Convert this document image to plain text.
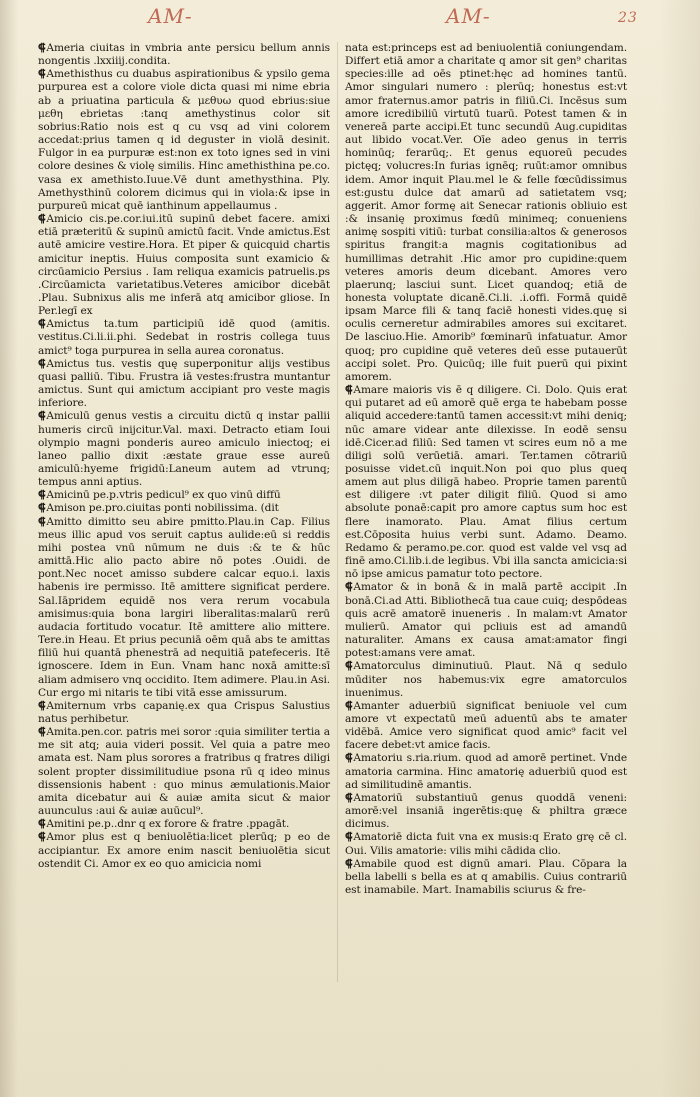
AM-	AM-	23

⸿Ameria ciuitas in vmbria ante persicu bellum annis nongentis .lxxiiij.condita.

⸿Amethisthus cu duabus aspirationibus & ypsilo gema purpurea est a colore viole dicta quasi mi nime ebria ab a priuatina particula & μεθυω quod ebrius:siue μεθη ebrietas :tanq amethystinus color sit sobrius:Ratio nois est q cu vsq ad vini colorem accedat:prius tamen q id deguster in violā desinit. Fulgor in ea purpuræ est:non ex toto ignes sed in vini colore desines & violę similis. Hinc amethisthina pe.co. vasa ex amethisto.Iuue.Vē dunt amethysthina. Ply. Amethysthinū colorem dicimus qui in viola:& ipse in purpureū micat quē ianthinum appellaumus .

⸿Amicio cis.pe.cor.iui.itū supinū debet facere. amixi etiā præteritū & supinū amictū facit. Vnde amictus.Est autē amicire vestire.Hora. Et piper & quicquid chartis amicitur ineptis. Huius composita sunt examicio & circūamicio Persius . Iam reliqua examicis patruelis.ps .Circūamicta varietatibus.Veteres amicibor dicebāt .Plau. Subnixus alis me inferā atq amicibor gliose. In Per.legī ex

⸿Amictus ta.tum participiū idē quod (amitis. vestitus.Ci.li.ii.phi. Sedebat in rostris collega tuus amict⁹ toga purpurea in sella aurea coronatus.

⸿Amictus tus. vestis quę superponitur alijs vestibus quasi palliū. Tibu. Frustra iā vestes:frustra muntantur amictus. Sunt qui amictum accipiant pro veste magis inferiore.

⸿Amiculū genus vestis a circuitu dictū q instar pallii humeris circū inijcitur.Val. maxi. Detracto etiam Ioui olympio magni ponderis aureo amiculo iniectoq; ei laneo pallio dixit :æstate graue esse aureū amiculū:hyeme frigidū:Laneum autem ad vtrunq; tempus anni aptius.

⸿Amicinū pe.p.vtris pedicul⁹ ex quo vinū diffū

⸿Amison pe.pro.ciuitas ponti nobilissima. (dit

⸿Amitto dimitto seu abire pmitto.Plau.in Cap. Filius meus illic apud vos seruit captus aulide:eū si reddis mihi postea vnū nūmum ne duis :& te & hūc amittā.Hic alio pacto abire nō potes .Ouidi. de pont.Nec nocet amisso subdere calcar equo.i. laxis habenis ire permisso. Itē amittere significat perdere. Sal.Iāpridem equidē nos vera rerum vocabula amisimus:quia bona largiri liberalitas:malarū rerū audacia fortitudo vocatur. Itē amittere alio mittere. Tere.in Heau. Et prius pecuniā oēm quā abs te amittas filiū hui quantā phenestrā ad nequitiā patefeceris. Itē ignoscere. Idem in Eun. Vnam hanc noxā amitte:sī aliam admisero vnq occidito. Item adimere. Plau.in Asi. Cur ergo mi nitaris te tibi vitā esse amissurum.

⸿Amiternum vrbs capanię.ex qua Crispus Salustius natus perhibetur.

⸿Amita.pen.cor. patris mei soror :quia similiter tertia a me sit atq; auia videri possit. Vel quia a patre meo amata est. Nam plus sorores a fratribus q fratres diligi solent propter dissimilitudiue psona rū q ideo minus dissensionis habent : quo minus æmulationis.Maior amita dicebatur aui & auiæ amita sicut & maior auunculus :aui & auiæ auūcul⁹.

⸿Amitini pe.p..dnr q ex forore & fratre .ppagāt.

⸿Amor plus est q beniuolētia:licet plerūq; p eo de accipiantur. Ex amore enim nascit beniuolētia sicut ostendit Ci. Amor ex eo quo amicicia nomi

nata est:princeps est ad beniuolentiā coniungendam. Differt etiā amor a charitate q amor sit gen⁹ charitas species:ille ad oēs ptinet:hęc ad homines tantū. Amor singulari numero : plerūq; honestus est:vt amor fraternus.amor patris in filiū.Ci. Incēsus sum amore icredibiliū virtutū tuarū. Potest tamen & in venereā parte accipi.Et tunc secundū Aug.cupiditas aut libido vocat.Ver. Oīe adeo genus in terris hominūq; ferarūq;. Et genus equoreū pecudes pictęq; volucres:In furias ignēq; ruūt:amor omnibus idem. Amor inquit Plau.mel le & felle fœcūdissimus est:gustu dulce dat amarū ad satietatem vsq; aggerit. Amor formę ait Senecar rationis obliuio est :& insanię proximus fœdū minimeq; conueniens animę sospiti vitiū: turbat consilia:altos & generosos spiritus frangit:a magnis cogitationibus ad humillimas detrahit .Hic amor pro cupidine:quem veteres amoris deum dicebant. Amores vero plaerunq; lasciui sunt. Licet quandoq; etiā de honesta voluptate dicanē.Ci.li. .i.offi. Formā quidē ipsam Marce fili & tanq faciē honesti vides.quę si oculis cerneretur admirabiles amores sui excitaret. De lasciuo.Hie. Amorib⁹ fœminarū infatuatur. Amor quoq; pro cupidine quē veteres deū esse putauerūt accipi solet. Pro. Quicūq; ille fuit puerū qui pixint amorem.

⸿Amare maioris vis ē q diligere. Ci. Dolo. Quis erat qui putaret ad eū amorē quē erga te habebam posse aliquid accedere:tantū tamen accessit:vt mihi deniq; nūc amare videar ante dilexisse. In eodē sensu idē.Cicer.ad filiū: Sed tamen vt scires eum nō a me diligi solū verūetiā. amari. Ter.tamen cōtrariū posuisse videt.cū inquit.Non poi quo plus queq amem aut plus diligā habeo. Proprie tamen parentū est diligere :vt pater diligit filiū. Quod si amo absolute ponaē:capit pro amore captus sum hoc est flere inamorato. Plau. Amat filius certum est.Cōposita huius verbi sunt. Adamo. Deamo. Redamo & peramo.pe.cor. quod est valde vel vsq ad finē amo.Ci.lib.i.de legibus. Vbi illa sancta amicicia:si nō ipse amicus pamatur toto pectore.

⸿Amator & in bonā & in malā partē accipit .In bonā.Ci.ad Atti. Bibliothecā tua caue cuiq; despōdeas quis acrē amatorē inueneris . In malam:vt Amator mulierū. Amator qui pcliuis est ad amandū naturaliter. Amans ex causa amat:amator fingi potest:amans vere amat.

⸿Amatorculus diminutiuū. Plaut. Nā q sedulo mūditer nos habemus:vix egre amatorculos inuenimus.

⸿Amanter aduerbiū significat beniuole vel cum amore vt expectatū meū aduentū abs te amater vidēbā. Amice vero significat quod amic⁹ facit vel facere debet:vt amice facis.

⸿Amatoriu s.ria.rium. quod ad amorē pertinet. Vnde amatoria carmina. Hinc amatorię aduerbiū quod est ad similitudinē amantis.

⸿Amatoriū substantiuū genus quoddā veneni: amorē:vel insaniā ingerētis:quę & philtra græce dicimus.

⸿Amatoriē dicta fuit vna ex musis:q Erato grę cē cl. Oui. Vilis amatorie: vilis mihi cādida clio.

⸿Amabile quod est dignū amari. Plau. Cōpara la bella labelli s bella es at q amabilis. Cuius contrariū est inamabile. Mart. Inamabilis sciurus & fre-
